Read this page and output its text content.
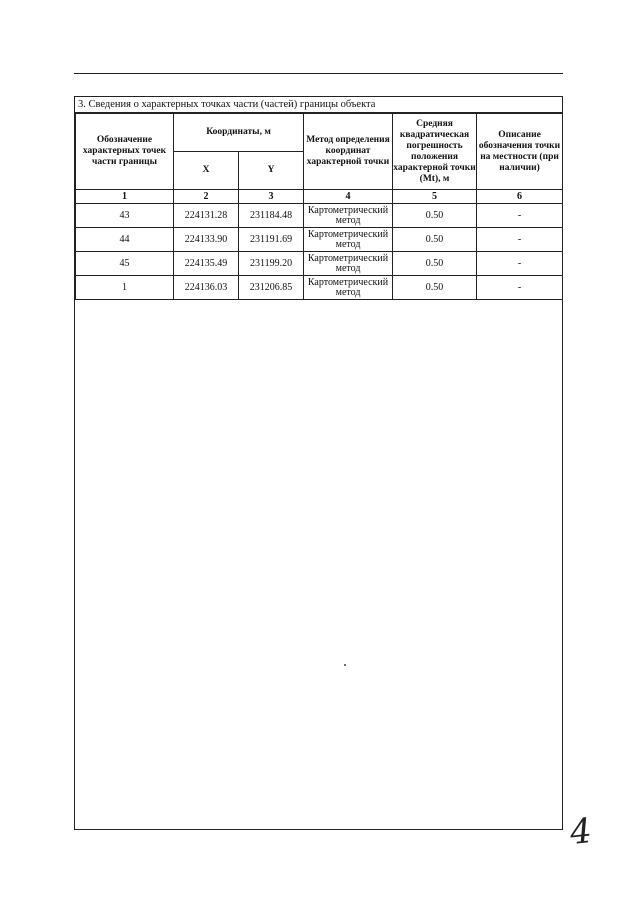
3. Сведения о характерных точках части (частей) границы объекта
Обозначение характерных точек части границы	Координаты, м		Метод определения координат характерной точки	Средняя квадратическая погрешность положения характерной точки (Mt), м	Описание обозначения точки на местности (при наличии)
	X	Y			
1	2	3	4	5	6
43	224131.28	231184.48	Картометрический метод	0.50	-
44	224133.90	231191.69	Картометрический метод	0.50	-
45	224135.49	231199.20	Картометрический метод	0.50	-
1	224136.03	231206.85	Картометрический метод	0.50	-
4
